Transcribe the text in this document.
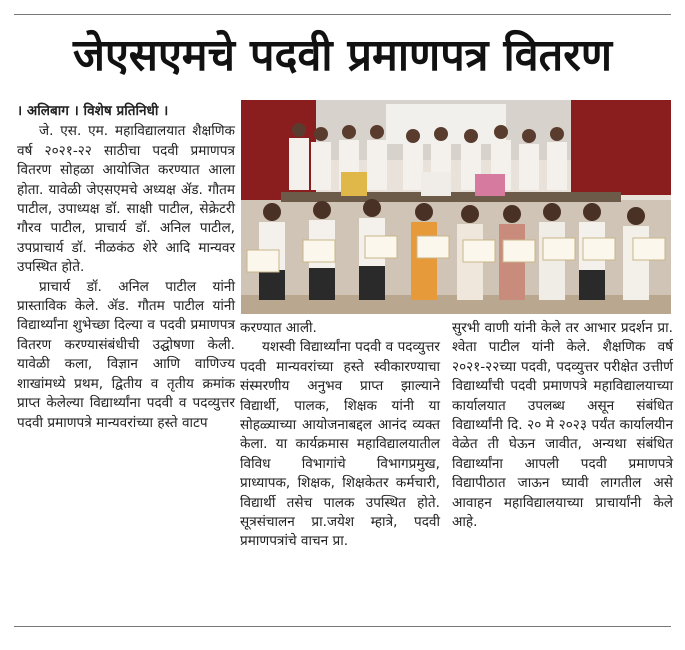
जेएसएमचे पदवी प्रमाणपत्र वितरण

। अलिबाग । विशेष प्रतिनिधी ।

जे. एस. एम. महाविद्यालयात शैक्षणिक वर्ष २०२१-२२ साठीचा पदवी प्रमाणपत्र वितरण सोहळा आयोजित करण्यात आला होता. यावेळी जेएसएमचे अध्यक्ष ॲड. गौतम पाटील, उपाध्यक्ष डॉ. साक्षी पाटील, सेक्रेटरी गौरव पाटील, प्राचार्य डॉ. अनिल पाटील, उपप्राचार्य डॉ. नीळकंठ शेरे आदि मान्यवर उपस्थित होते.

प्राचार्य डॉ. अनिल पाटील यांनी प्रास्ताविक केले. ॲड. गौतम पाटील यांनी विद्यार्थ्यांना शुभेच्छा दिल्या व पदवी प्रमाणपत्र वितरण करण्यासंबंधीची उद्घोषणा केली. यावेळी कला, विज्ञान आणि वाणिज्य शाखांमध्ये प्रथम, द्वितीय व तृतीय क्रमांक प्राप्त केलेल्या विद्यार्थ्यांना पदवी व पदव्युत्तर पदवी प्रमाणपत्रे मान्यवरांच्या हस्ते वाटप

करण्यात आली.

यशस्वी विद्यार्थ्यांना पदवी व पदव्युत्तर पदवी मान्यवरांच्या हस्ते स्वीकारण्याचा संस्मरणीय अनुभव प्राप्त झाल्याने विद्यार्थी, पालक, शिक्षक यांनी या सोहळ्याच्या आयोजनाबद्दल आनंद व्यक्त केला. या कार्यक्रमास महाविद्यालयातील विविध विभागांचे विभागप्रमुख, प्राध्यापक, शिक्षक, शिक्षकेतर कर्मचारी, विद्यार्थी तसेच पालक उपस्थित होते. सूत्रसंचालन प्रा.जयेश म्हात्रे, पदवी प्रमाणपत्रांचे वाचन प्रा.

सुरभी वाणी यांनी केले तर आभार प्रदर्शन प्रा. श्वेता पाटील यांनी केले. शैक्षणिक वर्ष २०२१-२२च्या पदवी, पदव्युत्तर परीक्षेत उत्तीर्ण विद्यार्थ्यांची पदवी प्रमाणपत्रे महाविद्यालयाच्या कार्यालयात उपलब्ध असून संबंधित विद्यार्थ्यांनी दि. २० मे २०२३ पर्यंत कार्यालयीन वेळेत ती घेऊन जावीत, अन्यथा संबंधित विद्यार्थ्यांना आपली पदवी प्रमाणपत्रे विद्यापीठात जाऊन घ्यावी लागतील असे आवाहन महाविद्यालयाच्या प्राचार्यांनी केले आहे.
